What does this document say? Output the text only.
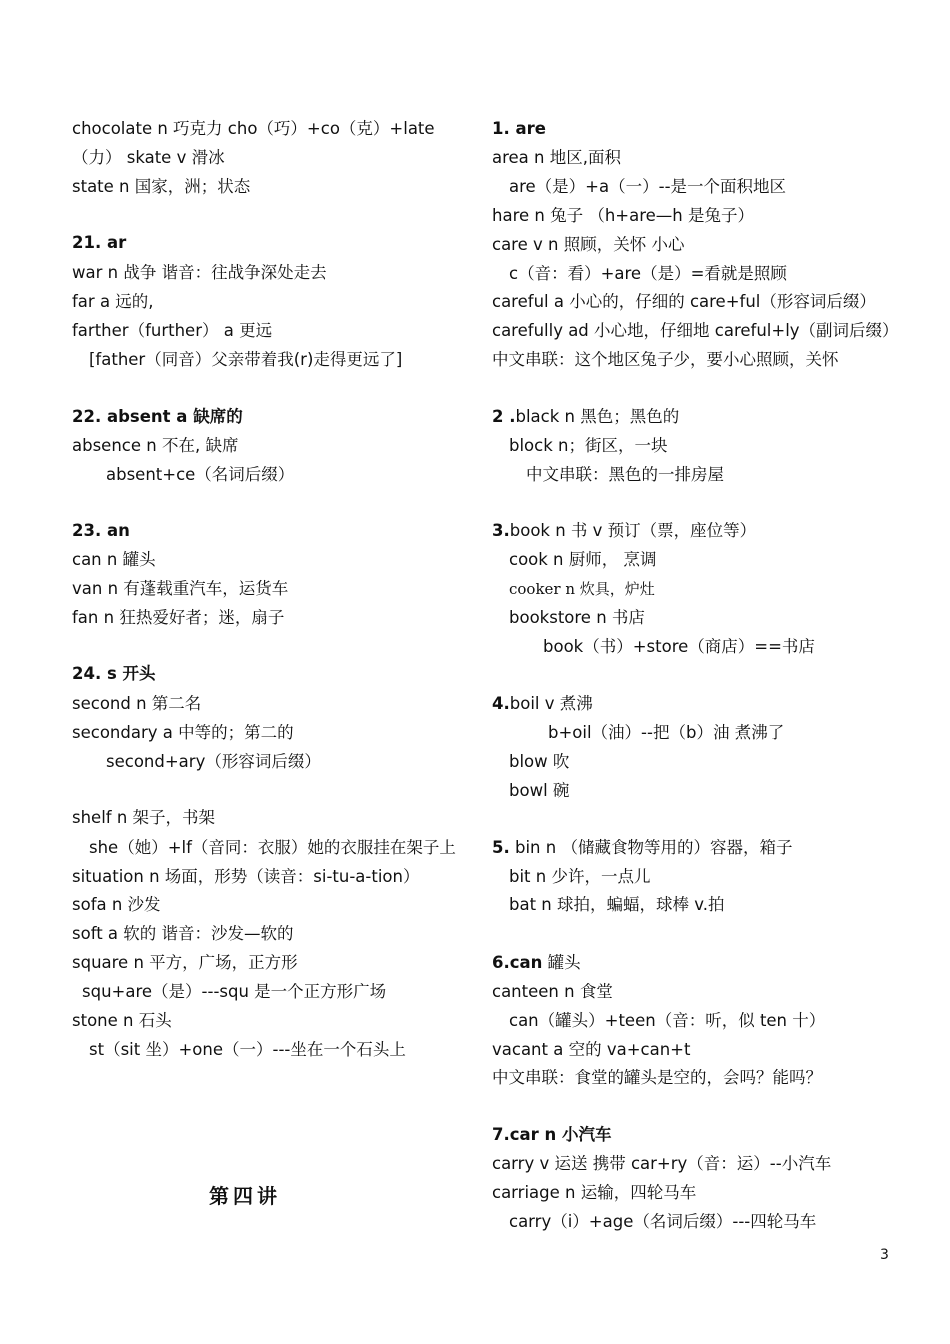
chocolate n 巧克力 cho（巧）+co（克）+late
（力） skate v 滑冰
state n 国家，洲；状态
21. ar
war n 战争 谐音：往战争深处走去
far a 远的,
farther（further） a 更远
[father（同音）父亲带着我(r)走得更远了]
22. absent a 缺席的
absence n 不在, 缺席
absent+ce（名词后缀）
23. an
can n 罐头
van n 有蓬载重汽车，运货车
fan n 狂热爱好者；迷，扇子
24. s 开头
second n 第二名
secondary a 中等的；第二的
second+ary（形容词后缀）
shelf n 架子，书架
she（她）+lf（音同：衣服）她的衣服挂在架子上
situation n 场面，形势（读音：si-tu-a-tion）
sofa n 沙发
soft a 软的 谐音：沙发—软的
square n 平方，广场，正方形
squ+are（是）---squ 是一个正方形广场
stone n 石头
st（sit 坐）+one（一）---坐在一个石头上
1. are
area n 地区,面积
are（是）+a（一）--是一个面积地区
hare n 兔子 （h+are—h 是兔子）
care v n 照顾，关怀 小心
c（音：看）+are（是）=看就是照顾
careful a 小心的，仔细的 care+ful（形容词后缀）
carefully ad 小心地，仔细地 careful+ly（副词后缀）
中文串联：这个地区兔子少，要小心照顾，关怀
2 .black n 黑色；黑色的
block n；街区，一块
中文串联：黑色的一排房屋
3.book n 书 v 预订（票，座位等）
cook n 厨师， 烹调
cooker n 炊具，炉灶
bookstore n 书店
book（书）+store（商店）==书店
4.boil v 煮沸
b+oil（油）--把（b）油 煮沸了
blow 吹
bowl 碗
5. bin n （储藏食物等用的）容器，箱子
bit n 少许，一点儿
bat n 球拍，蝙蝠，球棒 v.拍
6.can 罐头
canteen n 食堂
can（罐头）+teen（音：听，似 ten 十）
vacant a 空的 va+can+t
中文串联：食堂的罐头是空的，会吗？能吗？
7.car n 小汽车
carry v 运送 携带 car+ry（音：运）--小汽车
carriage n 运输，四轮马车
carry（i）+age（名词后缀）---四轮马车
第四讲
3
